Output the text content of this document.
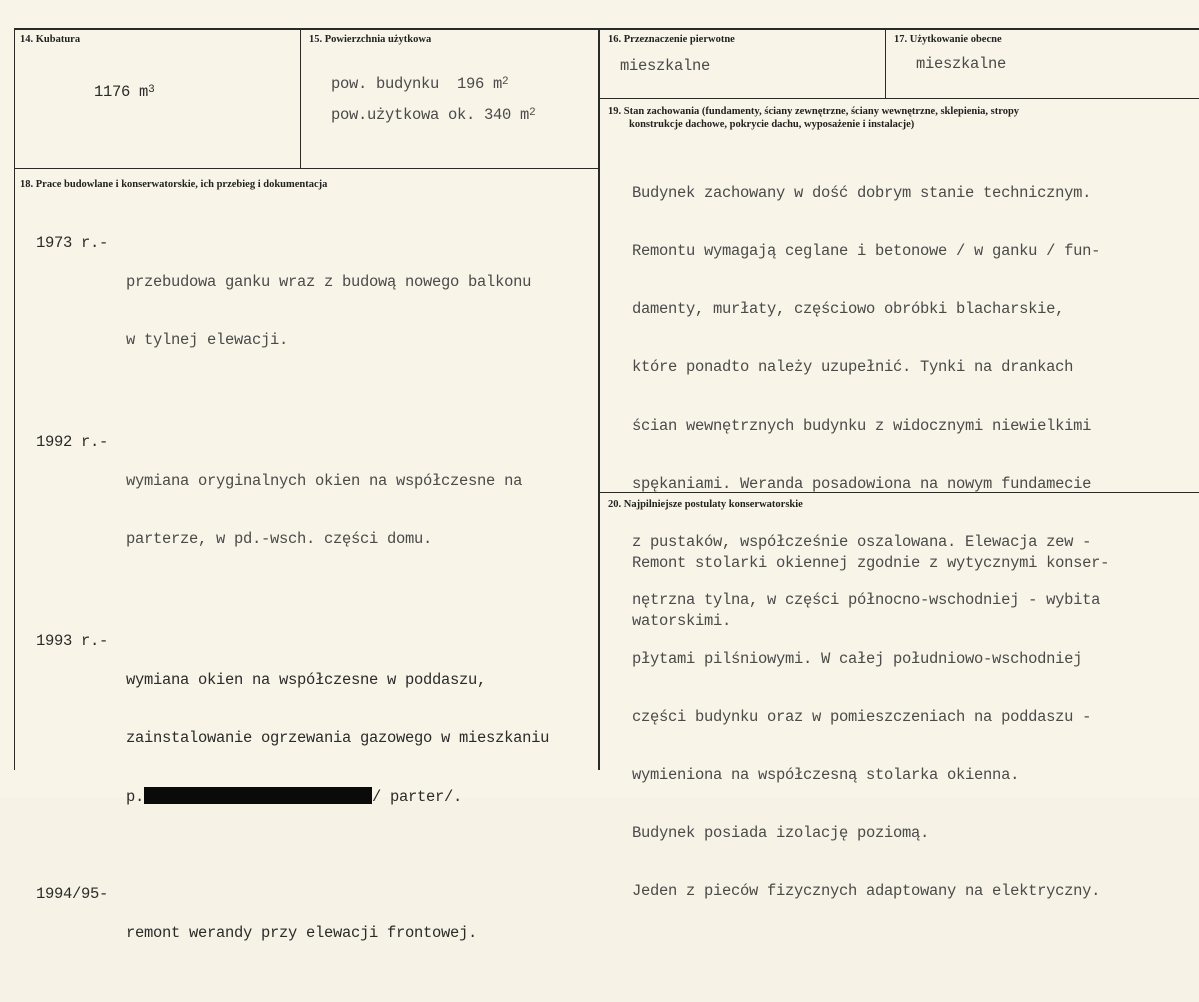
14. Kubatura

1176 $m^3$

15. Powierzchnia użytkowa

pow. budynku  196 $m^2$

pow.użytkowa ok. 340 $m^2$

16. Przeznaczenie pierwotne
mieszkalne
17. Użytkowanie obecne
mieszkalne
19. Stan zachowania (fundamenty, ściany zewnętrzne, ściany wewnętrzne, sklepienia, stropy
konstrukcje dachowe, pokrycie dachu, wyposażenie i instalacje)

Budynek zachowany w dość dobrym stanie technicznym.

Remontu wymagają ceglane i betonowe / w ganku / fun-

damenty, murłaty, częściowo obróbki blacharskie,

które ponadto należy uzupełnić. Tynki na drankach

ścian wewnętrznych budynku z widocznymi niewielkimi

spękaniami. Weranda posadowiona na nowym fundamecie

z pustaków, współcześnie oszalowana. Elewacja zew -

nętrzna tylna, w części północno-wschodniej - wybita

płytami pilśniowymi. W całej południowo-wschodniej

części budynku oraz w pomieszczeniach na poddaszu -

wymieniona na współczesną stolarka okienna.

Budynek posiada izolację poziomą.

Jeden z pieców fizycznych adaptowany na elektryczny.

18. Prace budowlane i konserwatorskie, ich przebieg i dokumentacja

1973 r.-

przebudowa ganku wraz z budową nowego balkonu

w tylnej elewacji.

1992 r.-

wymiana oryginalnych okien na współczesne na

parterze, w pd.-wsch. części domu.

1993 r.-

wymiana okien na współczesne w poddaszu,

zainstalowanie ogrzewania gazowego w mieszkaniu

p.	/ parter/.

1994/95-

remont werandy przy elewacji frontowej.

20. Najpilniejsze postulaty konserwatorskie

Remont stolarki okiennej zgodnie z wytycznymi konser-

watorskimi.
